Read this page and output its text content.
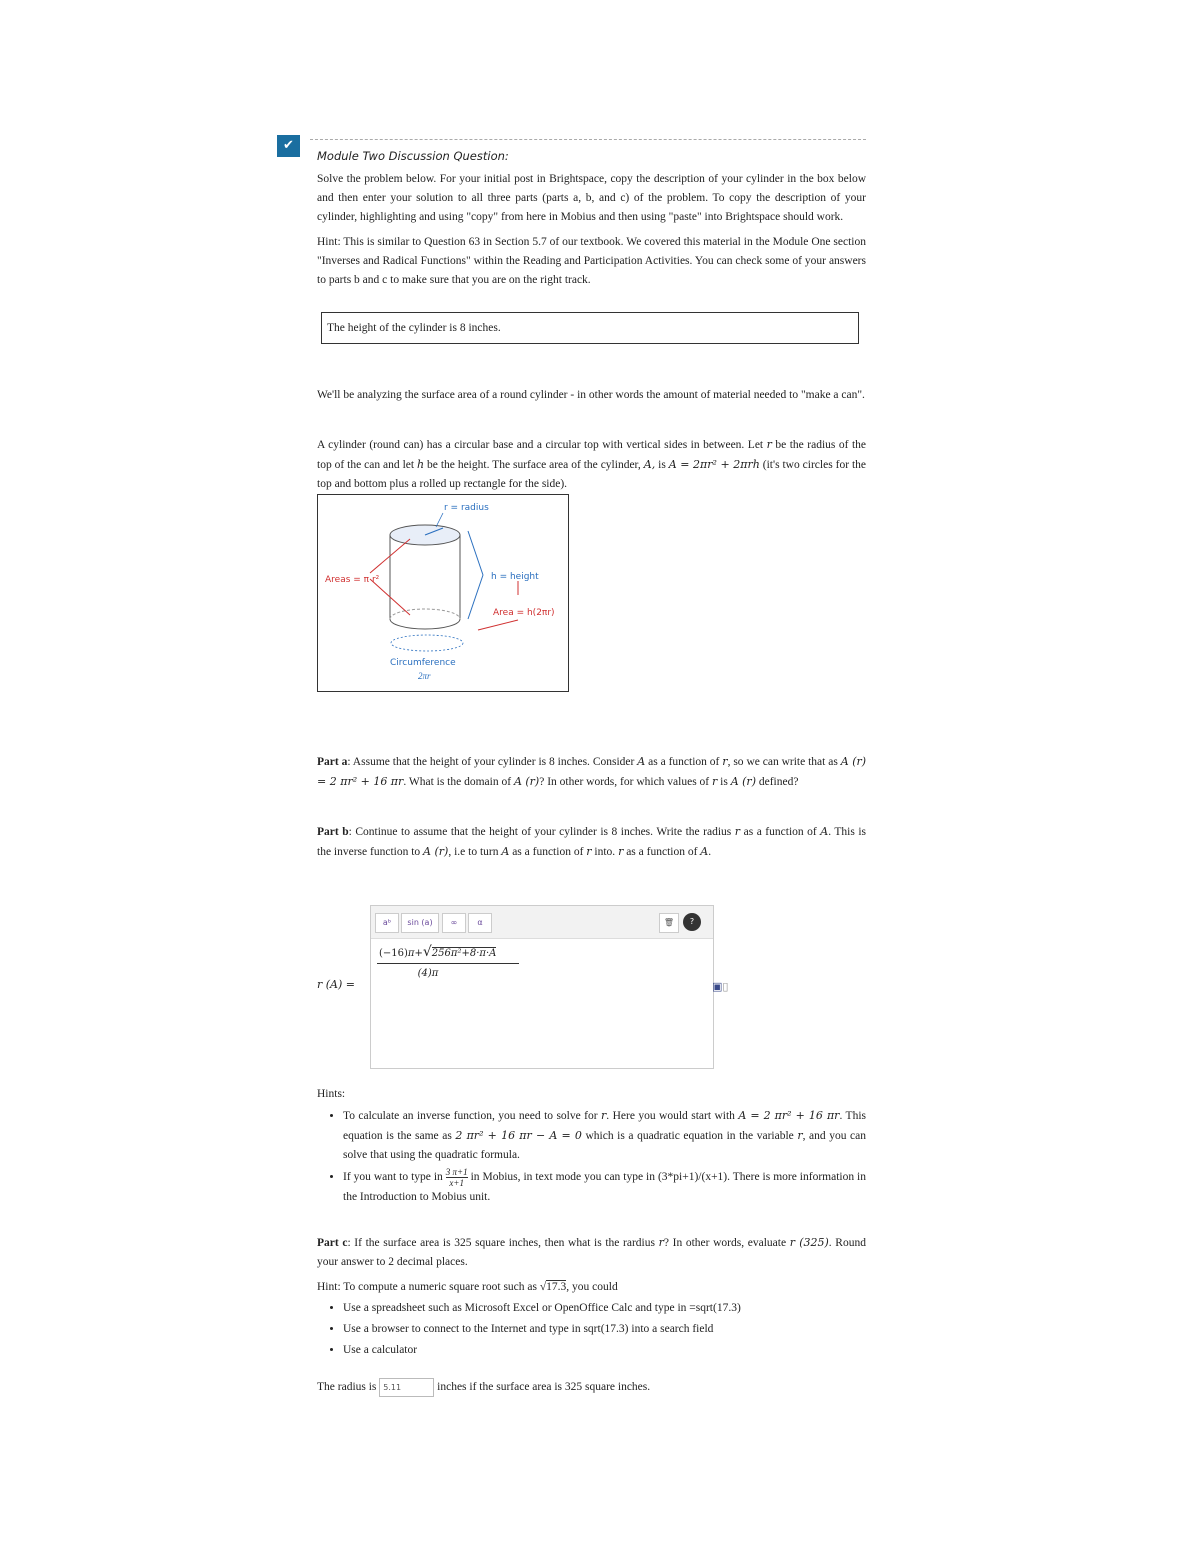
✔
Module Two Discussion Question:

Solve the problem below. For your initial post in Brightspace, copy the description of your cylinder in the box below and then enter your solution to all three parts (parts a, b, and c) of the problem. To copy the description of your cylinder, highlighting and using "copy" from here in Mobius and then using "paste" into Brightspace should work.

Hint: This is similar to Question 63 in Section 5.7 of our textbook. We covered this material in the Module One section "Inverses and Radical Functions" within the Reading and Participation Activities. You can check some of your answers to parts b and c to make sure that you are on the right track.

The height of the cylinder is 8 inches.

We'll be analyzing the surface area of a round cylinder - in other words the amount of material needed to "make a can".

A cylinder (round can) has a circular base and a circular top with vertical sides in between. Let r be the radius of the top of the can and let h be the height. The surface area of the cylinder, A, is A = 2πr² + 2πrh (it's two circles for the top and bottom plus a rolled up rectangle for the side).

r = radius
Areas = π r²	h = height
Area = h(2πr)
Circumference
2πr

Part a: Assume that the height of your cylinder is 8 inches. Consider A as a function of r, so we can write that as A (r) = 2 πr² + 16 πr. What is the domain of A (r)? In other words, for which values of r is A (r) defined?

Part b: Continue to assume that the height of your cylinder is 8 inches. Write the radius r as a function of A. This is the inverse function to A (r), i.e to turn A as a function of r into. r as a function of A.

r (A) =
aᵇ	sin (a)	∞	α	🗑	?
$\frac{\text{(−16)π+√256π²+8·π·A}}{(4)\pi}$
▣▯

Hints:

• To calculate an inverse function, you need to solve for r. Here you would start with A = 2 πr² + 16 πr. This equation is the same as 2 πr² + 16 πr − A = 0 which is a quadratic equation in the variable r, and you can solve that using the quadratic formula.
• If you want to type in $\frac{3 \pi+1}{x+1}$ in Mobius, in text mode you can type in (3*pi+1)/(x+1). There is more information in the Introduction to Mobius unit.

Part c: If the surface area is 325 square inches, then what is the rardius r? In other words, evaluate r (325). Round your answer to 2 decimal places.

Hint: To compute a numeric square root such as √17.3, you could

• Use a spreadsheet such as Microsoft Excel or OpenOffice Calc and type in =sqrt(17.3)
• Use a browser to connect to the Internet and type in sqrt(17.3) into a search field
• Use a calculator

The radius is 5.11	inches if the surface area is 325 square inches.
